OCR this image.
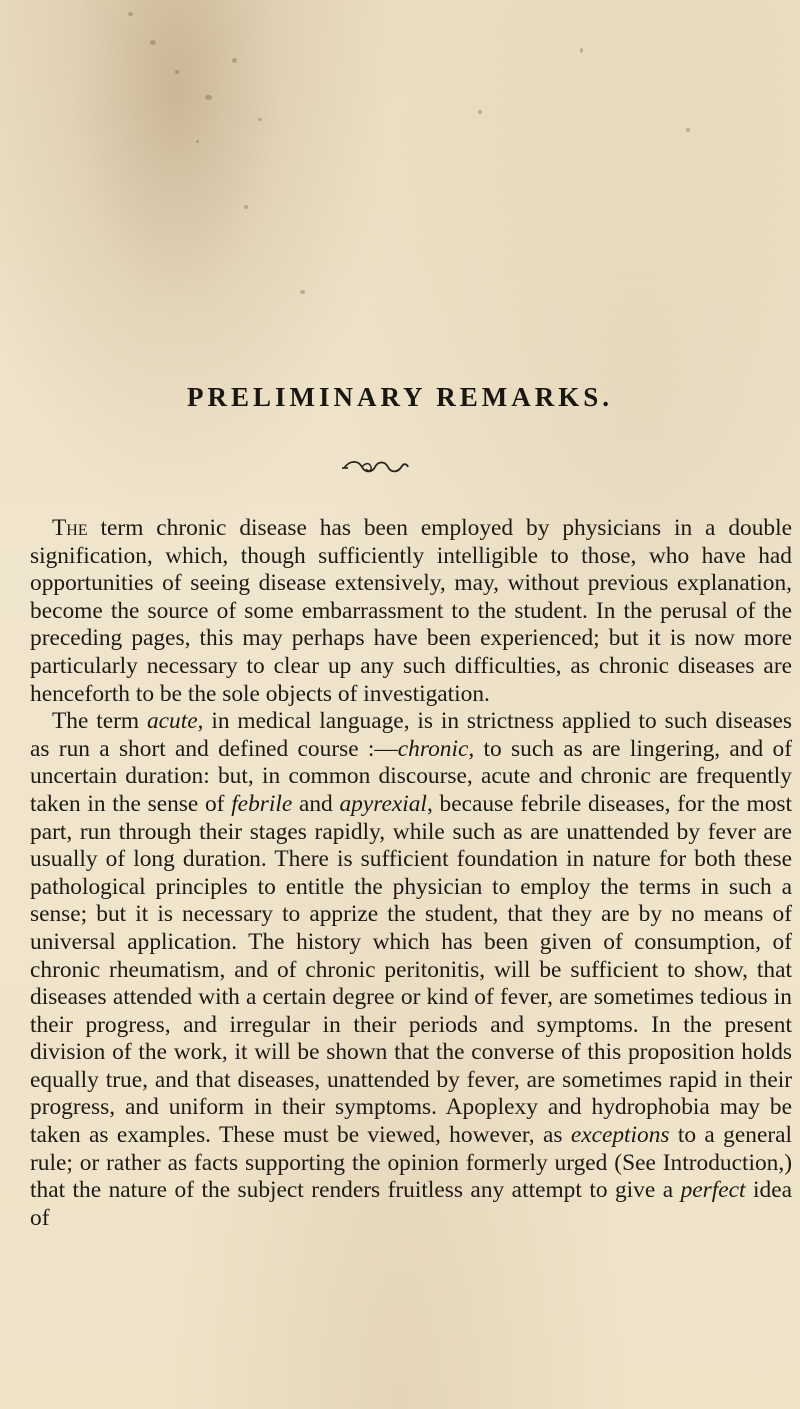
PRELIMINARY REMARKS.

The term chronic disease has been employed by physicians in a double signification, which, though sufficiently intelligible to those, who have had opportunities of seeing disease extensively, may, without previous explanation, become the source of some embarrassment to the student. In the perusal of the preceding pages, this may perhaps have been experienced; but it is now more particularly necessary to clear up any such difficulties, as chronic diseases are henceforth to be the sole objects of investigation.

The term acute, in medical language, is in strictness applied to such diseases as run a short and defined course :—chronic, to such as are lingering, and of uncertain duration: but, in common discourse, acute and chronic are frequently taken in the sense of febrile and apyrexial, because febrile diseases, for the most part, run through their stages rapidly, while such as are unattended by fever are usually of long duration. There is sufficient foundation in nature for both these pathological principles to entitle the physician to employ the terms in such a sense; but it is necessary to apprize the student, that they are by no means of universal application. The history which has been given of consumption, of chronic rheumatism, and of chronic peritonitis, will be sufficient to show, that diseases attended with a certain degree or kind of fever, are sometimes tedious in their progress, and irregular in their periods and symptoms. In the present division of the work, it will be shown that the converse of this proposition holds equally true, and that diseases, unattended by fever, are sometimes rapid in their progress, and uniform in their symptoms. Apoplexy and hydrophobia may be taken as examples. These must be viewed, however, as exceptions to a general rule; or rather as facts supporting the opinion formerly urged (See Introduction,) that the nature of the subject renders fruitless any attempt to give a perfect idea of
